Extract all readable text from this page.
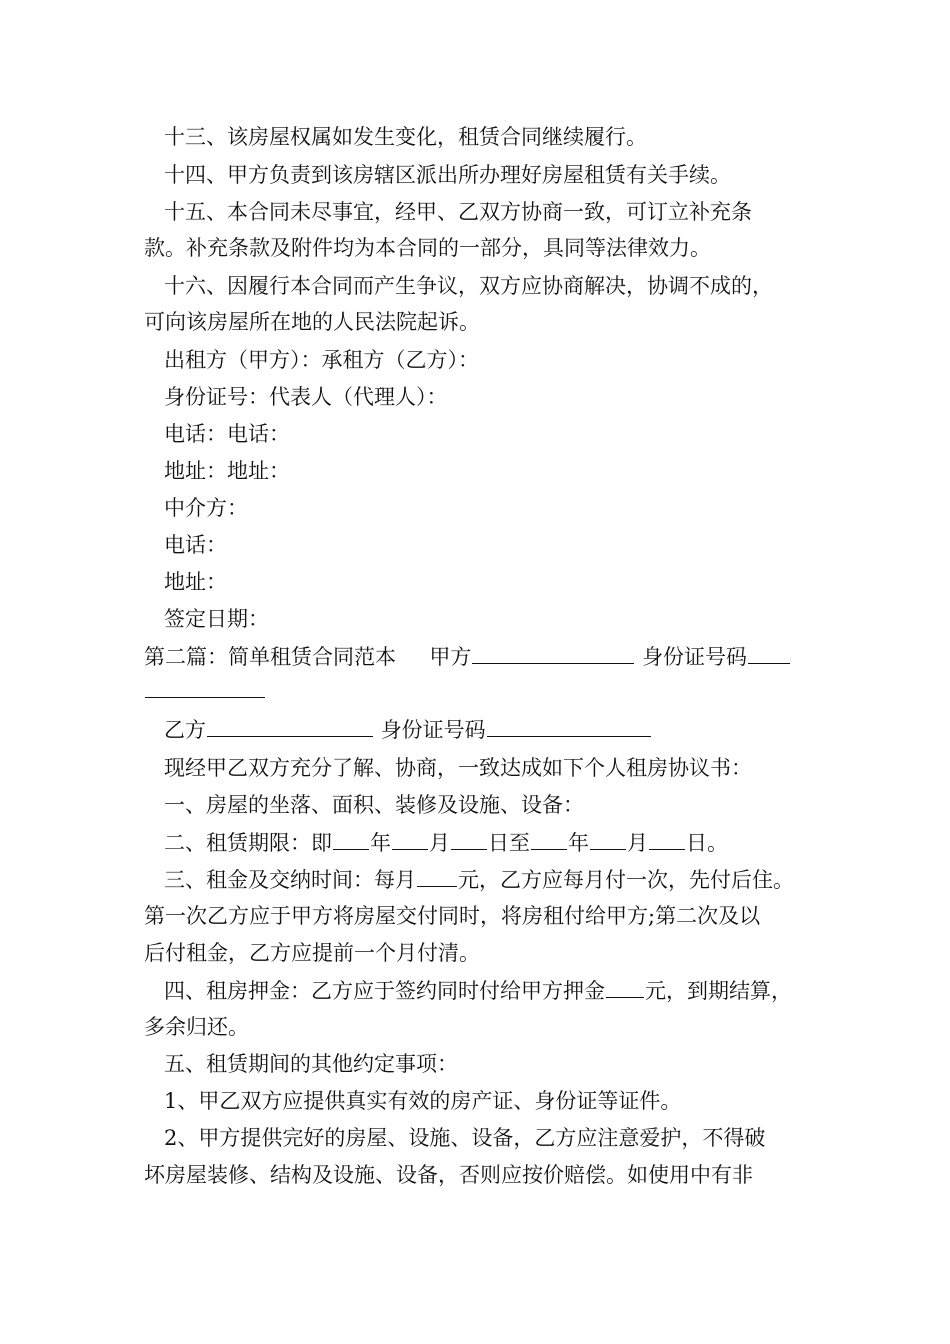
十三、该房屋权属如发生变化，租赁合同继续履行。
十四、甲方负责到该房辖区派出所办理好房屋租赁有关手续。
十五、本合同未尽事宜，经甲、乙双方协商一致，可订立补充条
款。补充条款及附件均为本合同的一部分，具同等法律效力。
十六、因履行本合同而产生争议，双方应协商解决，协调不成的，
可向该房屋所在地的人民法院起诉。
出租方（甲方）：承租方（乙方）：
身份证号：代表人（代理人）：
电话：电话：
地址：地址：
中介方：
电话：
地址：
签定日期：
第二篇：简单租赁合同范本 甲方	身份证号码
乙方	身份证号码
现经甲乙双方充分了解、协商，一致达成如下个人租房协议书：
一、房屋的坐落、面积、装修及设施、设备：
二、租赁期限：即 年 月 日至 年 月 日。
三、租金及交纳时间：每月 元，乙方应每月付一次，先付后住。
第一次乙方应于甲方将房屋交付同时，将房租付给甲方;第二次及以
后付租金，乙方应提前一个月付清。
四、租房押金：乙方应于签约同时付给甲方押金 元，到期结算，
多余归还。
五、租赁期间的其他约定事项：
1、甲乙双方应提供真实有效的房产证、身份证等证件。
2、甲方提供完好的房屋、设施、设备，乙方应注意爱护，不得破
坏房屋装修、结构及设施、设备，否则应按价赔偿。如使用中有非
